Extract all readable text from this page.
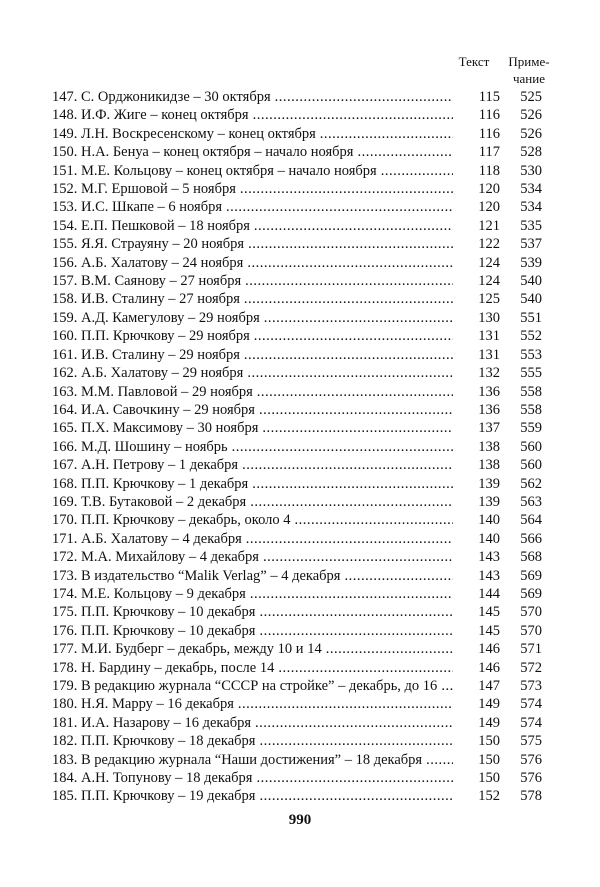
Текст	Приме-
чание
147. С. Орджоникидзе – 30 октября .....	115	525
148. И.Ф. Жиге – конец октября .....	116	526
149. Л.Н. Воскресенскому – конец октября .....	116	526
150. Н.А. Бенуа – конец октября – начало ноября .....	117	528
151. М.Е. Кольцову – конец октября – начало ноября .....	118	530
152. М.Г. Ершовой – 5 ноября .....	120	534
153. И.С. Шкапе – 6 ноября .....	120	534
154. Е.П. Пешковой – 18 ноября .....	121	535
155. Я.Я. Страуяну – 20 ноября .....	122	537
156. А.Б. Халатову – 24 ноября .....	124	539
157. В.М. Саянову – 27 ноября .....	124	540
158. И.В. Сталину – 27 ноября .....	125	540
159. А.Д. Камегулову – 29 ноября .....	130	551
160. П.П. Крючкову – 29 ноября .....	131	552
161. И.В. Сталину – 29 ноября .....	131	553
162. А.Б. Халатову – 29 ноября .....	132	555
163. М.М. Павловой – 29 ноября .....	136	558
164. И.А. Савочкину – 29 ноября .....	136	558
165. П.Х. Максимову – 30 ноября .....	137	559
166. М.Д. Шошину – ноябрь .....	138	560
167. А.Н. Петрову – 1 декабря .....	138	560
168. П.П. Крючкову – 1 декабря .....	139	562
169. Т.В. Бутаковой – 2 декабря .....	139	563
170. П.П. Крючкову – декабрь, около 4 .....	140	564
171. А.Б. Халатову – 4 декабря .....	140	566
172. М.А. Михайлову – 4 декабря .....	143	568
173. В издательство “Malik Verlag” – 4 декабря .....	143	569
174. М.Е. Кольцову – 9 декабря .....	144	569
175. П.П. Крючкову – 10 декабря .....	145	570
176. П.П. Крючкову – 10 декабря .....	145	570
177. М.И. Будберг – декабрь, между 10 и 14 .....	146	571
178. Н. Бардину – декабрь, после 14 .....	146	572
179. В редакцию журнала “СССР на стройке” – декабрь, до 16 .....	147	573
180. Н.Я. Марру – 16 декабря .....	149	574
181. И.А. Назарову – 16 декабря .....	149	574
182. П.П. Крючкову – 18 декабря .....	150	575
183. В редакцию журнала “Наши достижения” – 18 декабря .....	150	576
184. А.Н. Топунову – 18 декабря .....	150	576
185. П.П. Крючкову – 19 декабря .....	152	578
990
